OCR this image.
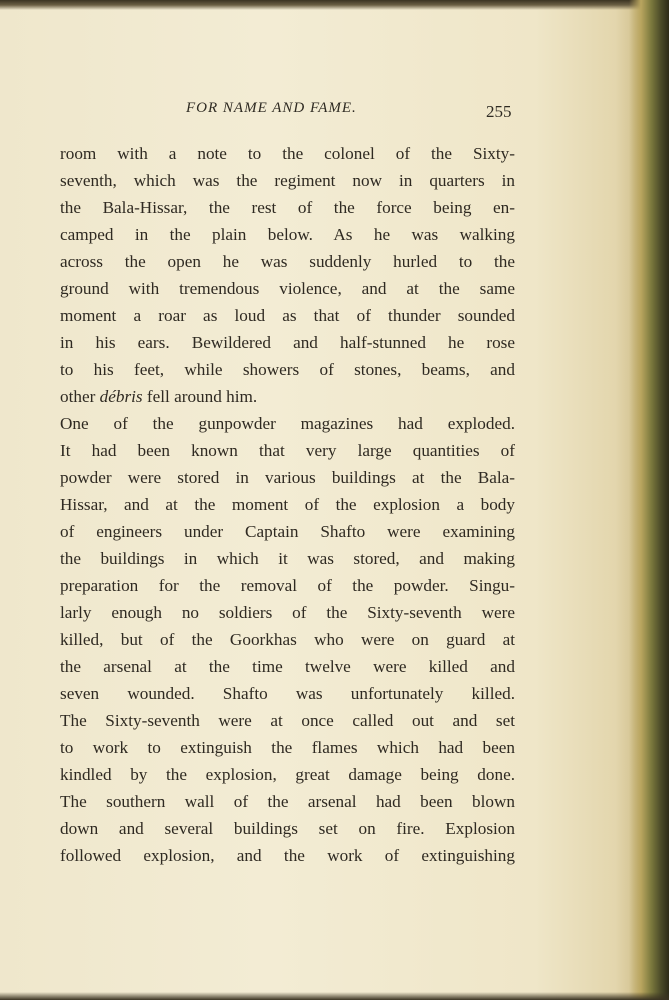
FOR NAME AND FAME.	255
room with a note to the colonel of the Sixty-
seventh, which was the regiment now in quarters in
the Bala-Hissar, the rest of the force being en-
camped in the plain below. As he was walking
across the open he was suddenly hurled to the
ground with tremendous violence, and at the same
moment a roar as loud as that of thunder sounded
in his ears. Bewildered and half-stunned he rose
to his feet, while showers of stones, beams, and
other débris fell around him.
One of the gunpowder magazines had exploded.
It had been known that very large quantities of
powder were stored in various buildings at the Bala-
Hissar, and at the moment of the explosion a body
of engineers under Captain Shafto were examining
the buildings in which it was stored, and making
preparation for the removal of the powder. Singu-
larly enough no soldiers of the Sixty-seventh were
killed, but of the Goorkhas who were on guard at
the arsenal at the time twelve were killed and
seven wounded. Shafto was unfortunately killed.
The Sixty-seventh were at once called out and set
to work to extinguish the flames which had been
kindled by the explosion, great damage being done.
The southern wall of the arsenal had been blown
down and several buildings set on fire. Explosion
followed explosion, and the work of extinguishing
